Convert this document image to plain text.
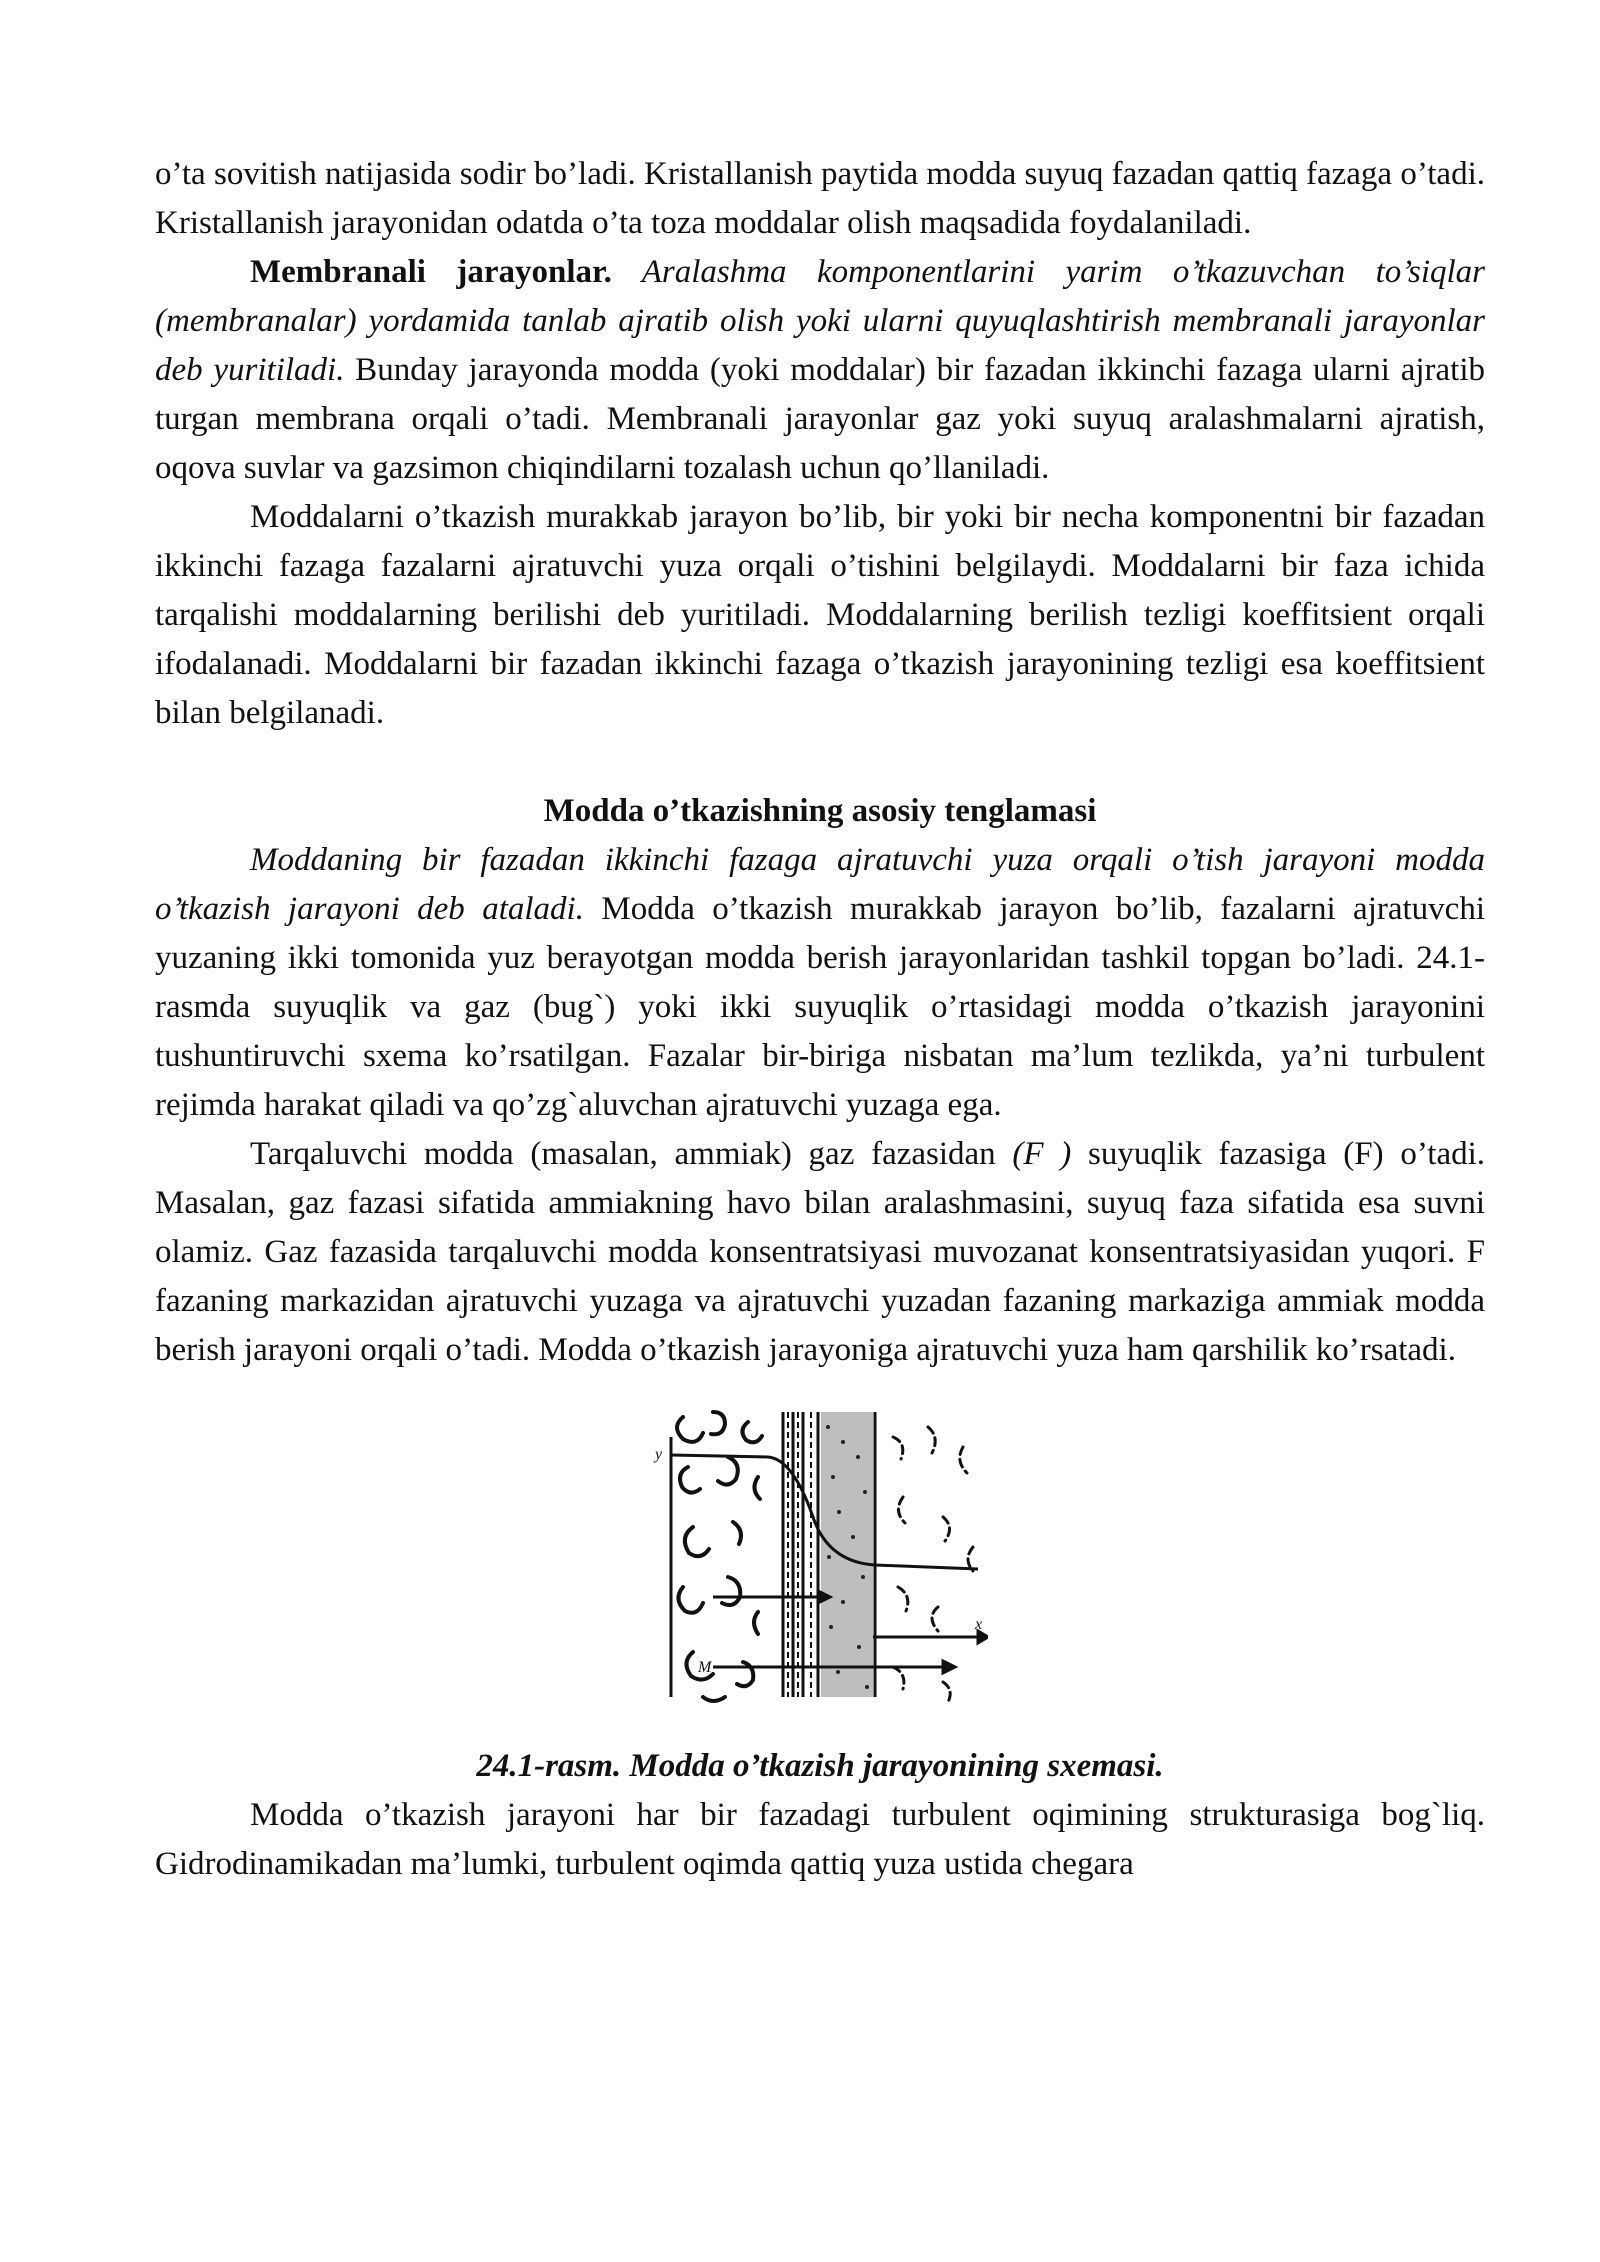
o’ta sovitish natijasida sodir bo’ladi. Kristallanish paytida modda suyuq fazadan qattiq fazaga o’tadi. Kristallanish jarayonidan odatda o’ta toza moddalar olish maqsadida foydalaniladi.

Membranali jarayonlar. Aralashma komponentlarini yarim o’tkazuvchan to’siqlar (membranalar) yordamida tanlab ajratib olish yoki ularni quyuqlashtirish membranali jarayonlar deb yuritiladi. Bunday jarayonda modda (yoki moddalar) bir fazadan ikkinchi fazaga ularni ajratib turgan membrana orqali o’tadi. Membranali jarayonlar gaz yoki suyuq aralashmalarni ajratish, oqova suvlar va gazsimon chiqindilarni tozalash uchun qo’llaniladi.

Moddalarni o’tkazish murakkab jarayon bo’lib, bir yoki bir necha komponentni bir fazadan ikkinchi fazaga fazalarni ajratuvchi yuza orqali o’tishini belgilaydi. Moddalarni bir faza ichida tarqalishi moddalarning berilishi deb yuritiladi. Moddalarning berilish tezligi koeffitsient orqali ifodalanadi. Moddalarni bir fazadan ikkinchi fazaga o’tkazish jarayonining tezligi esa koeffitsient bilan belgilanadi.

Modda o’tkazishning asosiy tenglamasi

Moddaning bir fazadan ikkinchi fazaga ajratuvchi yuza orqali o’tish jarayoni modda o’tkazish jarayoni deb ataladi. Modda o’tkazish murakkab jarayon bo’lib, fazalarni ajratuvchi yuzaning ikki tomonida yuz berayotgan modda berish jarayonlaridan tashkil topgan bo’ladi. 24.1-rasmda suyuqlik va gaz (bug`) yoki ikki suyuqlik o’rtasidagi modda o’tkazish jarayonini tushuntiruvchi sxema ko’rsatilgan. Fazalar bir-biriga nisbatan ma’lum tezlikda, ya’ni turbulent rejimda harakat qiladi va qo’zg`aluvchan ajratuvchi yuzaga ega.

Tarqaluvchi modda (masalan, ammiak) gaz fazasidan (F ) suyuqlik fazasiga (F) o’tadi. Masalan, gaz fazasi sifatida ammiakning havo bilan aralashmasini, suyuq faza sifatida esa suvni olamiz. Gaz fazasida tarqaluvchi modda konsentratsiyasi muvozanat konsentratsiyasidan yuqori. F fazaning markazidan ajratuvchi yuzaga va ajratuvchi yuzadan fazaning markaziga ammiak modda berish jarayoni orqali o’tadi. Modda o’tkazish jarayoniga ajratuvchi yuza ham qarshilik ko’rsatadi.

y
x
M

24.1-rasm. Modda o’tkazish jarayonining sxemasi.

Modda o’tkazish jarayoni har bir fazadagi turbulent oqimining strukturasiga bog`liq. Gidrodinamikadan ma’lumki, turbulent oqimda qattiq yuza ustida chegara
